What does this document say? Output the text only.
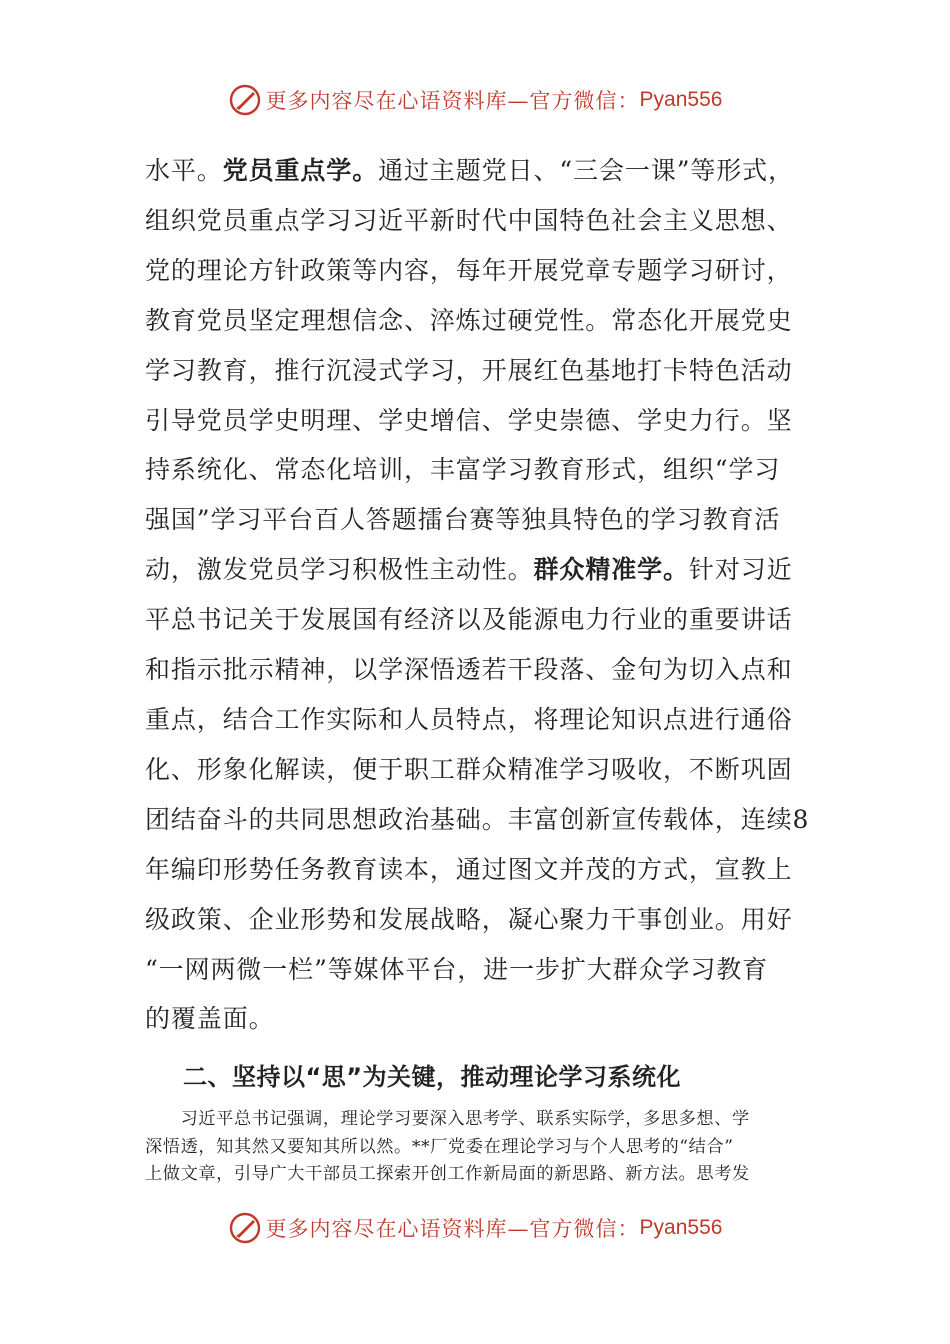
更多内容尽在心语资料库 —官方微信： Pyan556
水平。党员重点学。通过主题党日、“三会一课”等形式，
组织党员重点学习习近平新时代中国特色社会主义思想、
党的理论方针政策等内容，每年开展党章专题学习研讨，
教育党员坚定理想信念、淬炼过硬党性。常态化开展党史
学习教育，推行沉浸式学习，开展红色基地打卡特色活动
引导党员学史明理、学史增信、学史崇德、学史力行。坚
持系统化、常态化培训，丰富学习教育形式，组织“学习
强国”学习平台百人答题擂台赛等独具特色的学习教育活
动，激发党员学习积极性主动性。群众精准学。针对习近
平总书记关于发展国有经济以及能源电力行业的重要讲话
和指示批示精神，以学深悟透若干段落、金句为切入点和
重点，结合工作实际和人员特点，将理论知识点进行通俗
化、形象化解读，便于职工群众精准学习吸收，不断巩固
团结奋斗的共同思想政治基础。丰富创新宣传载体，连续8
年编印形势任务教育读本，通过图文并茂的方式，宣教上
级政策、企业形势和发展战略，凝心聚力干事创业。用好
“一网两微一栏”等媒体平台，进一步扩大群众学习教育
的覆盖面。
二、坚持以“思”为关键，推动理论学习系统化
　　习近平总书记强调，理论学习要深入思考学、联系实际学，多思多想、学
深悟透，知其然又要知其所以然。**厂党委在理论学习与个人思考的“结合”
上做文章，引导广大干部员工探索开创工作新局面的新思路、新方法。思考发
更多内容尽在心语资料库 —官方微信： Pyan556
